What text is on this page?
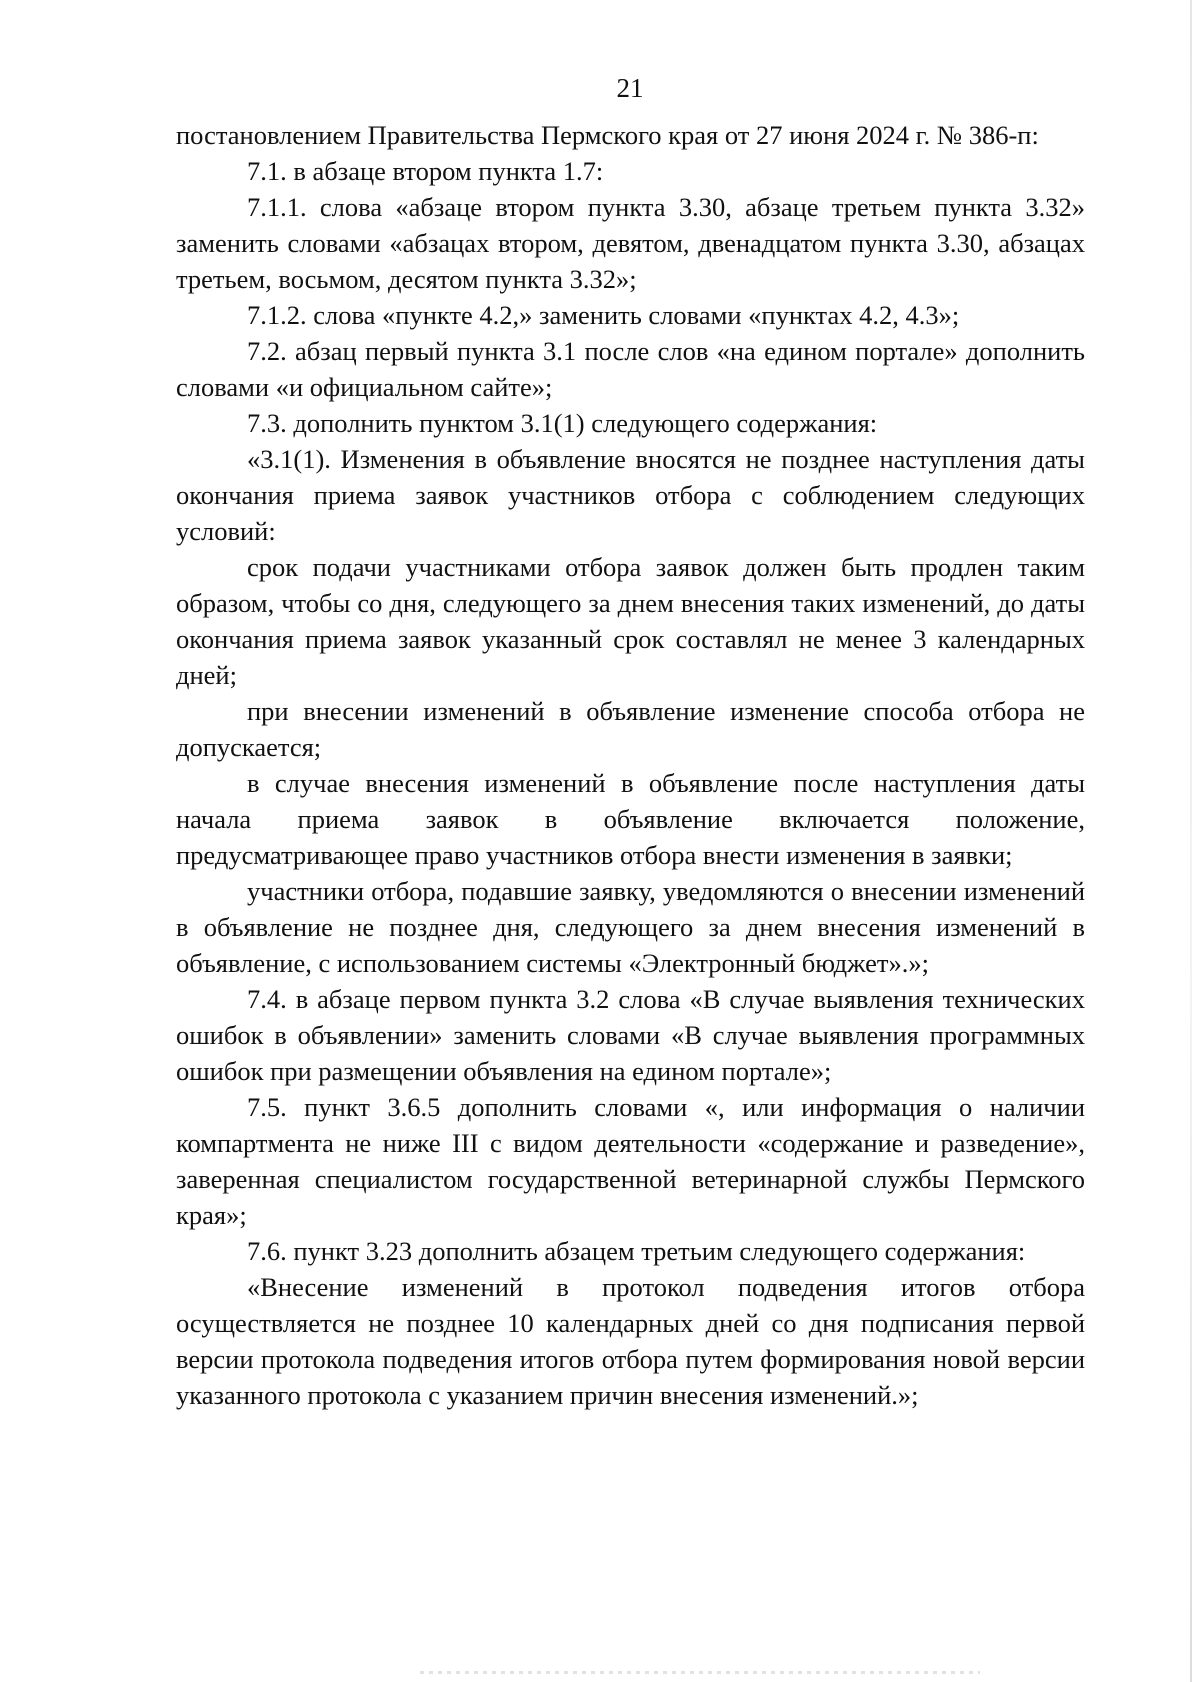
21

постановлением Правительства Пермского края от 27 июня 2024 г. № 386-п:

7.1. в абзаце втором пункта 1.7:

7.1.1. слова «абзаце втором пункта 3.30, абзаце третьем пункта 3.32» заменить словами «абзацах втором, девятом, двенадцатом пункта 3.30, абзацах третьем, восьмом, десятом пункта 3.32»;

7.1.2. слова «пункте 4.2,» заменить словами «пунктах 4.2, 4.3»;

7.2. абзац первый пункта 3.1 после слов «на едином портале» дополнить словами «и официальном сайте»;

7.3. дополнить пунктом 3.1(1) следующего содержания:

«3.1(1). Изменения в объявление вносятся не позднее наступления даты окончания приема заявок участников отбора с соблюдением следующих условий:

срок подачи участниками отбора заявок должен быть продлен таким образом, чтобы со дня, следующего за днем внесения таких изменений, до даты окончания приема заявок указанный срок составлял не менее 3 календарных дней;

при внесении изменений в объявление изменение способа отбора не допускается;

в случае внесения изменений в объявление после наступления даты начала приема заявок в объявление включается положение, предусматривающее право участников отбора внести изменения в заявки;

участники отбора, подавшие заявку, уведомляются о внесении изменений в объявление не позднее дня, следующего за днем внесения изменений в объявление, с использованием системы «Электронный бюджет».»;

7.4. в абзаце первом пункта 3.2 слова «В случае выявления технических ошибок в объявлении» заменить словами «В случае выявления программных ошибок при размещении объявления на едином портале»;

7.5. пункт 3.6.5 дополнить словами «, или информация о наличии компартмента не ниже III с видом деятельности «содержание и разведение», заверенная специалистом государственной ветеринарной службы Пермского края»;

7.6. пункт 3.23 дополнить абзацем третьим следующего содержания:

«Внесение изменений в протокол подведения итогов отбора осуществляется не позднее 10 календарных дней со дня подписания первой версии протокола подведения итогов отбора путем формирования новой версии указанного протокола с указанием причин внесения изменений.»;
